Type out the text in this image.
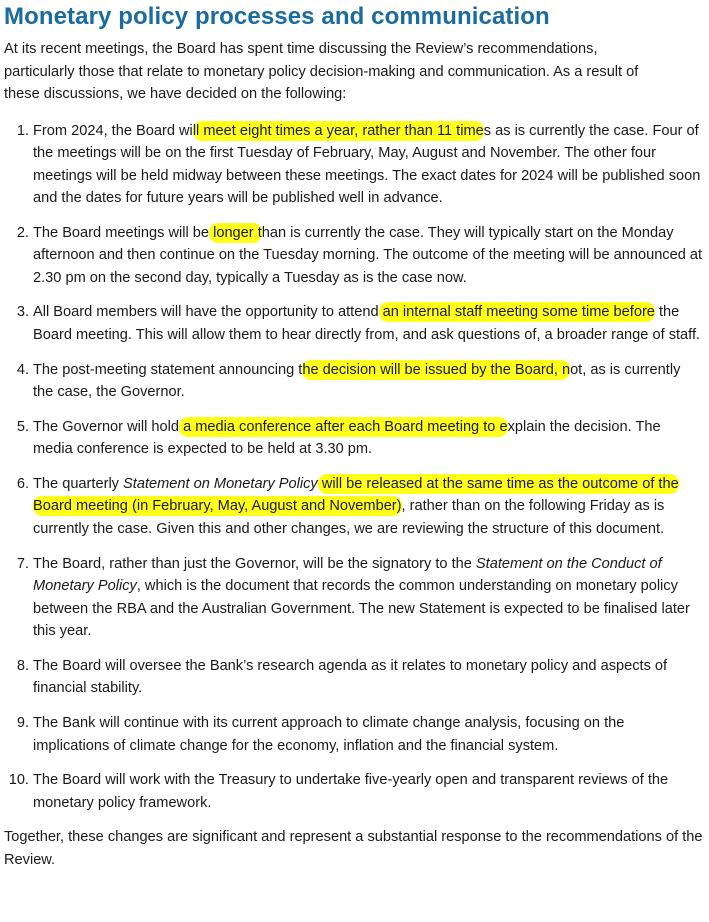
Monetary policy processes and communication

At its recent meetings, the Board has spent time discussing the Review’s recommendations, particularly those that relate to monetary policy decision-making and communication. As a result of these discussions, we have decided on the following:

1. From 2024, the Board will meet eight times a year, rather than 11 times as is currently the case. Four of the meetings will be on the first Tuesday of February, May, August and November. The other four meetings will be held midway between these meetings. The exact dates for 2024 will be published soon and the dates for future years will be published well in advance.
2. The Board meetings will be longer than is currently the case. They will typically start on the Monday afternoon and then continue on the Tuesday morning. The outcome of the meeting will be announced at 2.30 pm on the second day, typically a Tuesday as is the case now.
3. All Board members will have the opportunity to attend an internal staff meeting some time before the Board meeting. This will allow them to hear directly from, and ask questions of, a broader range of staff.
4. The post-meeting statement announcing the decision will be issued by the Board, not, as is currently the case, the Governor.
5. The Governor will hold a media conference after each Board meeting to explain the decision. The media conference is expected to be held at 3.30 pm.
6. The quarterly Statement on Monetary Policy will be released at the same time as the outcome of the Board meeting (in February, May, August and November), rather than on the following Friday as is currently the case. Given this and other changes, we are reviewing the structure of this document.
7. The Board, rather than just the Governor, will be the signatory to the Statement on the Conduct of Monetary Policy, which is the document that records the common understanding on monetary policy between the RBA and the Australian Government. The new Statement is expected to be finalised later this year.
8. The Board will oversee the Bank’s research agenda as it relates to monetary policy and aspects of financial stability.
9. The Bank will continue with its current approach to climate change analysis, focusing on the implications of climate change for the economy, inflation and the financial system.
10. The Board will work with the Treasury to undertake five-yearly open and transparent reviews of the monetary policy framework.

Together, these changes are significant and represent a substantial response to the recommendations of the Review.
